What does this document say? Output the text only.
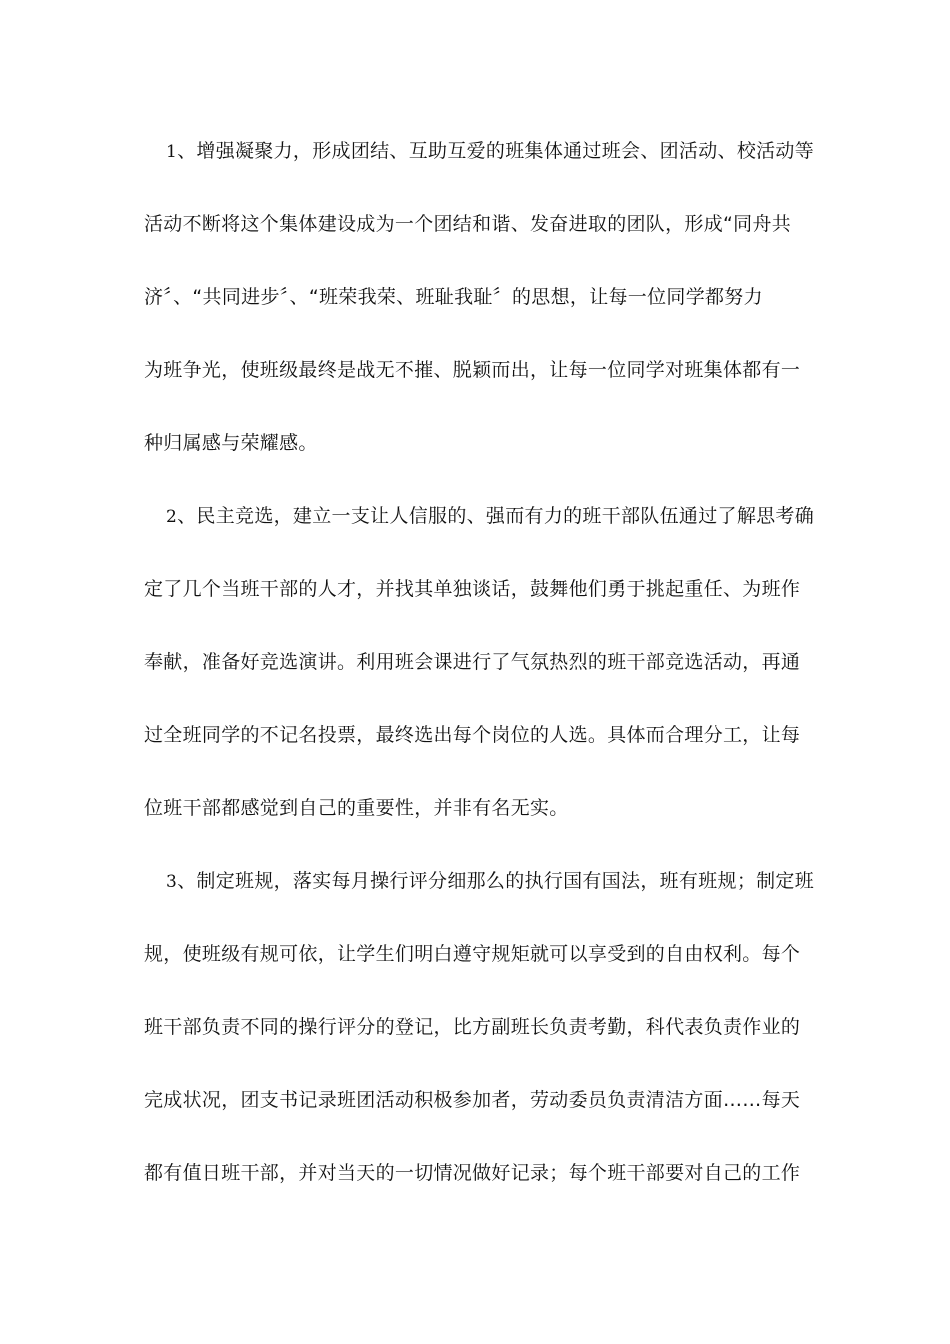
1、增强凝聚力，形成团结、互助互爱的班集体通过班会、团活动、校活动等
活动不断将这个集体建设成为一个团结和谐、发奋进取的团队，形成“同舟共
济〞、“共同进步〞、“班荣我荣、班耻我耻〞的思想，让每一位同学都努力
为班争光，使班级最终是战无不摧、脱颖而出，让每一位同学对班集体都有一
种归属感与荣耀感。
2、民主竞选，建立一支让人信服的、强而有力的班干部队伍通过了解思考确
定了几个当班干部的人才，并找其单独谈话，鼓舞他们勇于挑起重任、为班作
奉献，准备好竞选演讲。利用班会课进行了气氛热烈的班干部竞选活动，再通
过全班同学的不记名投票，最终选出每个岗位的人选。具体而合理分工，让每
位班干部都感觉到自己的重要性，并非有名无实。
3、制定班规，落实每月操行评分细那么的执行国有国法，班有班规；制定班
规，使班级有规可依，让学生们明白遵守规矩就可以享受到的自由权利。每个
班干部负责不同的操行评分的登记，比方副班长负责考勤，科代表负责作业的
完成状况，团支书记录班团活动积极参加者，劳动委员负责清洁方面……每天
都有值日班干部，并对当天的一切情况做好记录；每个班干部要对自己的工作
